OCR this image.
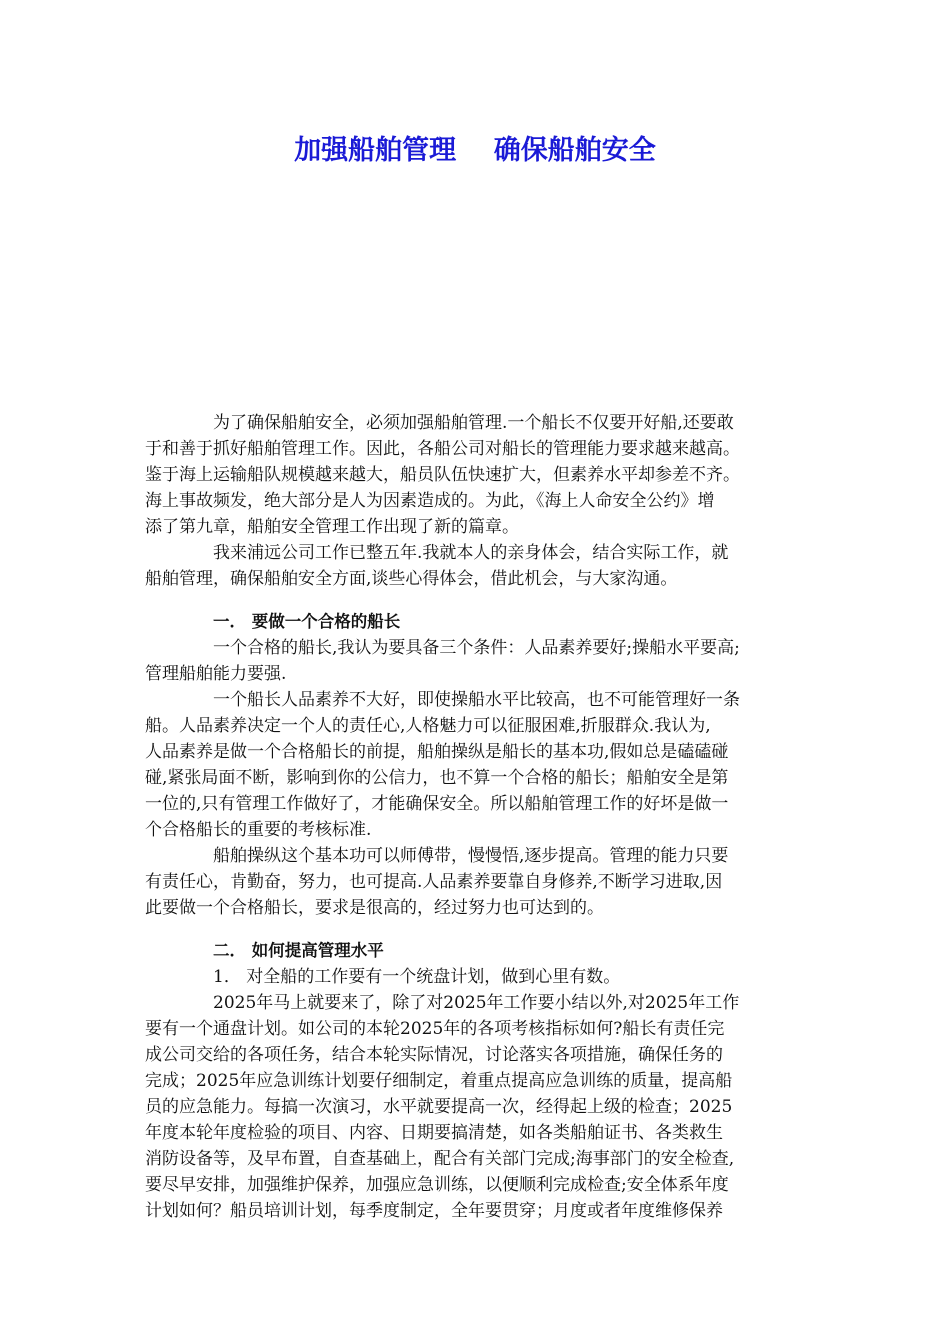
加强船舶管理    确保船舶安全
为了确保船舶安全，必须加强船舶管理.一个船长不仅要开好船,还要敢
于和善于抓好船舶管理工作。因此，各船公司对船长的管理能力要求越来越高。
鉴于海上运输船队规模越来越大，船员队伍快速扩大，但素养水平却参差不齐。
海上事故频发，绝大部分是人为因素造成的。为此，《海上人命安全公约》增
添了第九章，船舶安全管理工作出现了新的篇章。
我来浦远公司工作已整五年.我就本人的亲身体会，结合实际工作，就
船舶管理，确保船舶安全方面,谈些心得体会，借此机会，与大家沟通。
一． 要做一个合格的船长
一个合格的船长,我认为要具备三个条件：人品素养要好;操船水平要高;
管理船舶能力要强.
一个船长人品素养不大好，即使操船水平比较高，也不可能管理好一条
船。人品素养决定一个人的责任心,人格魅力可以征服困难,折服群众.我认为,
人品素养是做一个合格船长的前提，船舶操纵是船长的基本功,假如总是磕磕碰
碰,紧张局面不断，影响到你的公信力，也不算一个合格的船长；船舶安全是第
一位的,只有管理工作做好了，才能确保安全。所以船舶管理工作的好坏是做一
个合格船长的重要的考核标准.
船舶操纵这个基本功可以师傅带，慢慢悟,逐步提高。管理的能力只要
有责任心，肯勤奋，努力，也可提高.人品素养要靠自身修养,不断学习进取,因
此要做一个合格船长，要求是很高的，经过努力也可达到的。
二． 如何提高管理水平
1． 对全船的工作要有一个统盘计划，做到心里有数。
2025年马上就要来了，除了对2025年工作要小结以外,对2025年工作
要有一个通盘计划。如公司的本轮2025年的各项考核指标如何?船长有责任完
成公司交给的各项任务，结合本轮实际情况，讨论落实各项措施，确保任务的
完成；2025年应急训练计划要仔细制定，着重点提高应急训练的质量，提高船
员的应急能力。每搞一次演习，水平就要提高一次，经得起上级的检查；2025
年度本轮年度检验的项目、内容、日期要搞清楚，如各类船舶证书、各类救生
消防设备等，及早布置，自查基础上，配合有关部门完成;海事部门的安全检查,
要尽早安排，加强维护保养，加强应急训练，以便顺利完成检查;安全体系年度
计划如何？船员培训计划，每季度制定，全年要贯穿；月度或者年度维修保养
